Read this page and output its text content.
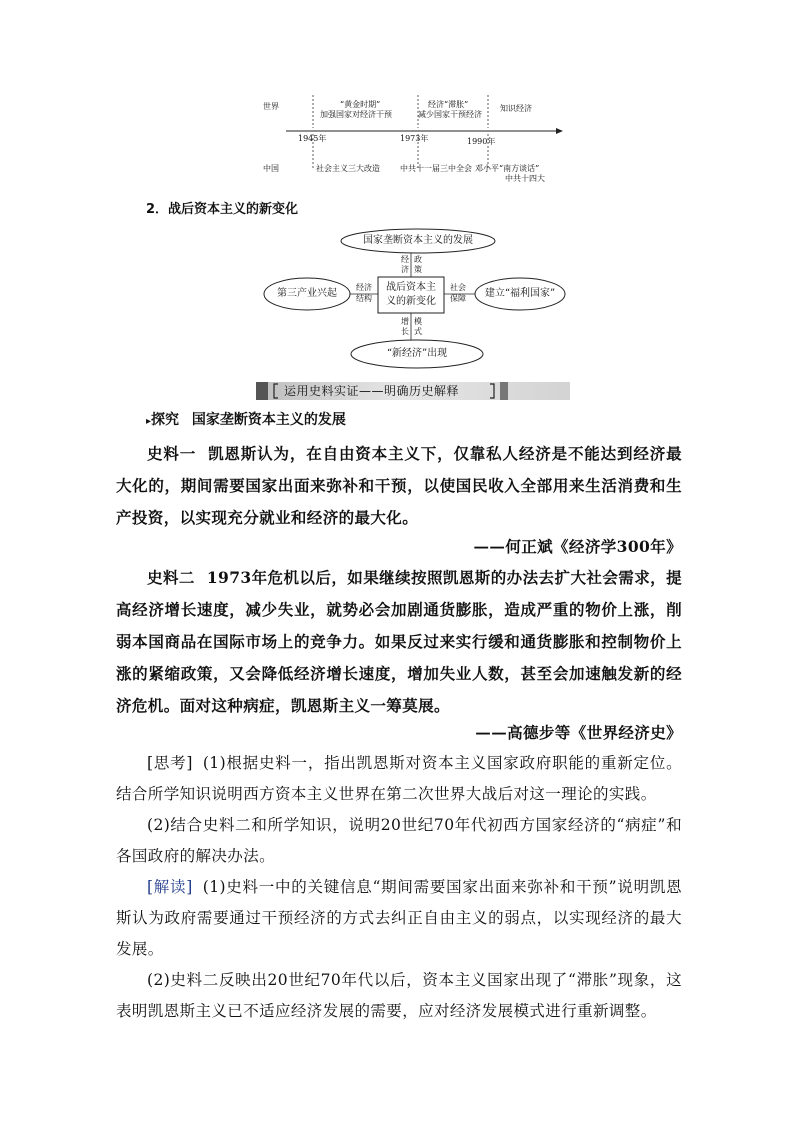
世界
中国
“黄金时期”
加强国家对经济干预
经济“滞胀”
减少国家干预经济
知识经济
1945年	1973年	1990年
社会主义三大改造	中共十一届三中全会 邓小平“南方谈话”
中共十四大
2．战后资本主义的新变化
国家垄断资本主义的发展
第三产业兴起	建立“福利国家”
“新经济”出现
战后资本主
义的新变化
经济
政策
经济
结构
社会
保障
增长
模式
运用史料实证——明确历史解释
▸探究 国家垄断资本主义的发展
史料一 凯恩斯认为，在自由资本主义下，仅靠私人经济是不能达到经济最大化的，期间需要国家出面来弥补和干预，以使国民收入全部用来生活消费和生产投资，以实现充分就业和经济的最大化。
——何正斌《经济学300年》
史料二 1973年危机以后，如果继续按照凯恩斯的办法去扩大社会需求，提高经济增长速度，减少失业，就势必会加剧通货膨胀，造成严重的物价上涨，削弱本国商品在国际市场上的竞争力。如果反过来实行缓和通货膨胀和控制物价上涨的紧缩政策，又会降低经济增长速度，增加失业人数，甚至会加速触发新的经济危机。面对这种病症，凯恩斯主义一筹莫展。
——高德步等《世界经济史》
[思考] (1)根据史料一，指出凯恩斯对资本主义国家政府职能的重新定位。结合所学知识说明西方资本主义世界在第二次世界大战后对这一理论的实践。
(2)结合史料二和所学知识，说明20世纪70年代初西方国家经济的“病症”和各国政府的解决办法。
[解读] (1)史料一中的关键信息“期间需要国家出面来弥补和干预”说明凯恩斯认为政府需要通过干预经济的方式去纠正自由主义的弱点，以实现经济的最大发展。
(2)史料二反映出20世纪70年代以后，资本主义国家出现了“滞胀”现象，这表明凯恩斯主义已不适应经济发展的需要，应对经济发展模式进行重新调整。
